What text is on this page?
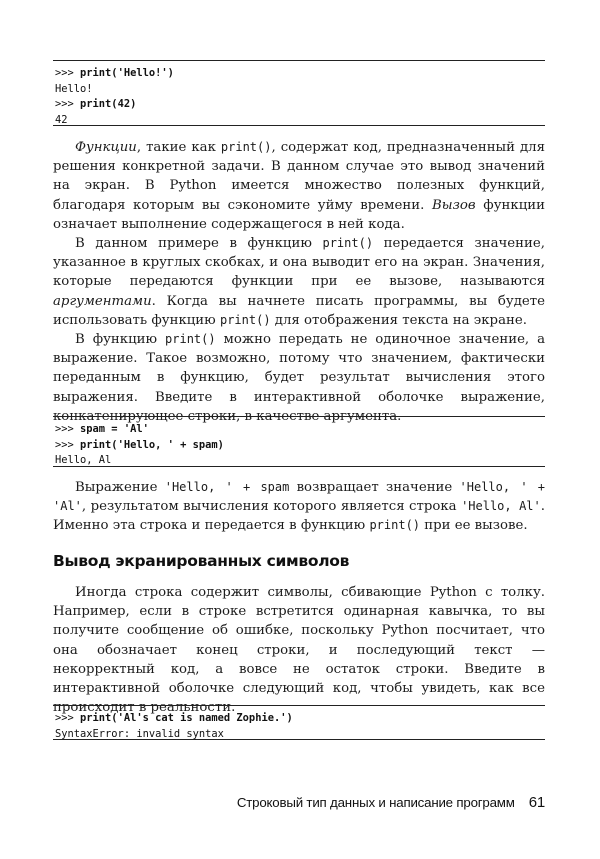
>>> print('Hello!')
Hello!
>>> print(42)
42

Функции, такие как print(), содержат код, предназначенный для решения конкретной задачи. В данном случае это вывод значений на экран. В Python имеется множество полезных функций, благодаря которым вы сэкономите уйму времени. Вызов функции означает выполнение содержащегося в ней кода.

В данном примере в функцию print() передается значение, указанное в круглых скобках, и она выводит его на экран. Значения, которые передаются функции при ее вызове, называются аргументами. Когда вы начнете писать программы, вы будете использовать функцию print() для отображения текста на экране.

В функцию print() можно передать не одиночное значение, а выражение. Такое возможно, потому что значением, фактически переданным в функцию, будет результат вычисления этого выражения. Введите в интерактивной оболочке выражение, конкатенирующее строки, в качестве аргумента.

>>> spam = 'Al'
>>> print('Hello, ' + spam)
Hello, Al

Выражение 'Hello, ' + spam возвращает значение 'Hello, ' + 'Al', результатом вычисления которого является строка 'Hello, Al'. Именно эта строка и передается в функцию print() при ее вызове.

Вывод экранированных символов

Иногда строка содержит символы, сбивающие Python с толку. Например, если в строке встретится одинарная кавычка, то вы получите сообщение об ошибке, поскольку Python посчитает, что она обозначает конец строки, и последующий текст — некорректный код, а вовсе не остаток строки. Введите в интерактивной оболочке следующий код, чтобы увидеть, как все происходит в реальности.

>>> print('Al's cat is named Zophie.')
SyntaxError: invalid syntax
Строковый тип данных и написание программ 61
